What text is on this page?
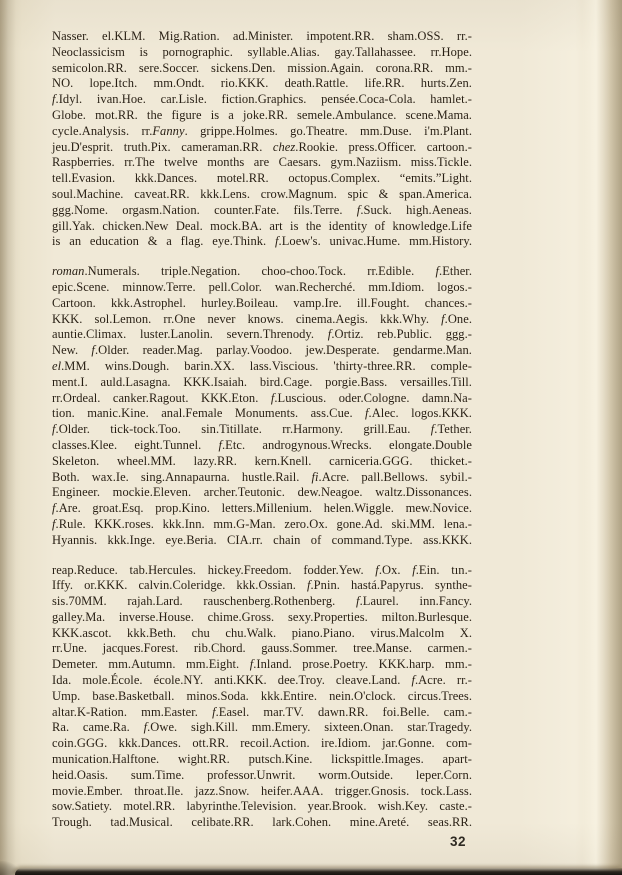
Nasser. el.KLM. Mig.Ration. ad.Minister. impotent.RR. sham.OSS. rr.-
Neoclassicism is pornographic. syllable.Alias. gay.Tallahassee. rr.Hope.
semicolon.RR. sere.Soccer. sickens.Den. mission.Again. corona.RR. mm.-
NO. lope.Itch. mm.Ondt. rio.KKK. death.Rattle. life.RR. hurts.Zen.
f.Idyl. ivan.Hoe. car.Lisle. fiction.Graphics. pensée.Coca-Cola. hamlet.-
Globe. mot.RR. the figure is a joke.RR. semele.Ambulance. scene.Mama.
cycle.Analysis. rr.Fanny. grippe.Holmes. go.Theatre. mm.Duse. i'm.Plant.
jeu.D'esprit. truth.Pix. cameraman.RR. chez.Rookie. press.Officer. cartoon.-
Raspberries. rr.The twelve months are Caesars. gym.Naziism. miss.Tickle.
tell.Evasion. kkk.Dances. motel.RR. octopus.Complex. “emits.”Light.
soul.Machine. caveat.RR. kkk.Lens. crow.Magnum. spic & span.America.
ggg.Nome. orgasm.Nation. counter.Fate. fils.Terre. f.Suck. high.Aeneas.
gill.Yak. chicken.New Deal. mock.BA. art is the identity of knowledge.Life
is an education & a flag. eye.Think. f.Loew's. univac.Hume. mm.History.
roman.Numerals. triple.Negation. choo-choo.Tock. rr.Edible. f.Ether.
epic.Scene. minnow.Terre. pell.Color. wan.Recherché. mm.Idiom. logos.-
Cartoon. kkk.Astrophel. hurley.Boileau. vamp.Ire. ill.Fought. chances.-
KKK. sol.Lemon. rr.One never knows. cinema.Aegis. kkk.Why. f.One.
auntie.Climax. luster.Lanolin. severn.Threnody. f.Ortiz. reb.Public. ggg.-
New. f.Older. reader.Mag. parlay.Voodoo. jew.Desperate. gendarme.Man.
el.MM. wins.Dough. barin.XX. lass.Viscious. 'thirty-three.RR. comple-
ment.I. auld.Lasagna. KKK.Isaiah. bird.Cage. porgie.Bass. versailles.Till.
rr.Ordeal. canker.Ragout. KKK.Eton. f.Luscious. oder.Cologne. damn.Na-
tion. manic.Kine. anal.Female Monuments. ass.Cue. f.Alec. logos.KKK.
f.Older. tick-tock.Too. sin.Titillate. rr.Harmony. grill.Eau. f.Tether.
classes.Klee. eight.Tunnel. f.Etc. androgynous.Wrecks. elongate.Double
Skeleton. wheel.MM. lazy.RR. kern.Knell. carniceria.GGG. thicket.-
Both. wax.Ie. sing.Annapaurna. hustle.Rail. fi.Acre. pall.Bellows. sybil.-
Engineer. mockie.Eleven. archer.Teutonic. dew.Neagoe. waltz.Dissonances.
f.Are. groat.Esq. prop.Kino. letters.Millenium. helen.Wiggle. mew.Novice.
f.Rule. KKK.roses. kkk.Inn. mm.G-Man. zero.Ox. gone.Ad. ski.MM. lena.-
Hyannis. kkk.Inge. eye.Beria. CIA.rr. chain of command.Type. ass.KKK.
reap.Reduce. tab.Hercules. hickey.Freedom. fodder.Yew. f.Ox. f.Ein. tın.-
Iffy. or.KKK. calvin.Coleridge. kkk.Ossian. f.Pnin. hastá.Papyrus. synthe-
sis.70MM. rajah.Lard. rauschenberg.Rothenberg. f.Laurel. inn.Fancy.
galley.Ma. inverse.House. chime.Gross. sexy.Properties. milton.Burlesque.
KKK.ascot. kkk.Beth. chu chu.Walk. piano.Piano. virus.Malcolm X.
rr.Une. jacques.Forest. rib.Chord. gauss.Sommer. tree.Manse. carmen.-
Demeter. mm.Autumn. mm.Eight. f.Inland. prose.Poetry. KKK.harp. mm.-
Ida. mole.École. école.NY. anti.KKK. dee.Troy. cleave.Land. f.Acre. rr.-
Ump. base.Basketball. minos.Soda. kkk.Entire. nein.O'clock. circus.Trees.
altar.K-Ration. mm.Easter. f.Easel. mar.TV. dawn.RR. foi.Belle. cam.-
Ra. came.Ra. f.Owe. sigh.Kill. mm.Emery. sixteen.Onan. star.Tragedy.
coin.GGG. kkk.Dances. ott.RR. recoil.Action. ire.Idiom. jar.Gonne. com-
munication.Halftone. wight.RR. putsch.Kine. lickspittle.Images. apart-
heid.Oasis. sum.Time. professor.Unwrit. worm.Outside. leper.Corn.
movie.Ember. throat.Ile. jazz.Snow. heifer.AAA. trigger.Gnosis. tock.Lass.
sow.Satiety. motel.RR. labyrinthe.Television. year.Brook. wish.Key. caste.-
Trough. tad.Musical. celibate.RR. lark.Cohen. mine.Areté. seas.RR.
32
